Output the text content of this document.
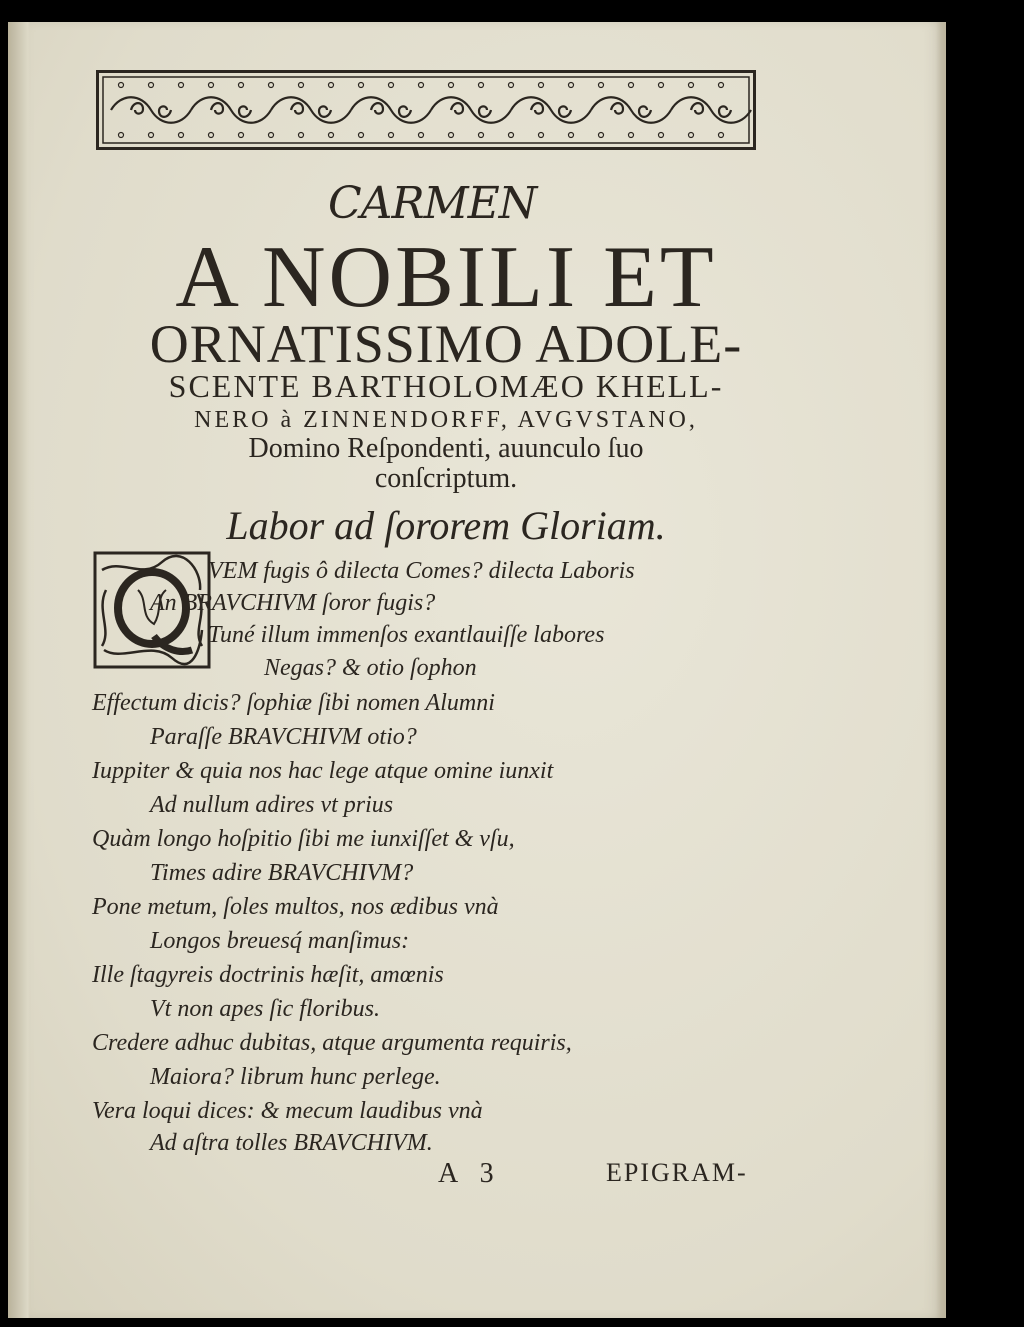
CARMEN
A NOBILI ET
ORNATISSIMO ADOLE-
SCENTE BARTHOLOMÆO KHELL-
NERO à ZINNENDORFF, AVGVSTANO,
Domino Reſpondenti, auunculo ſuo
conſcriptum.
Labor ad ſororem Gloriam.
VEM fugis ô dilecta Comes? dilecta Laboris
An BRAVCHIVM ſoror fugis?
Tuné illum immenſos exantlauiſſe labores
Negas? & otio ſophon
Effectum dicis? ſophiæ ſibi nomen Alumni
Paraſſe BRAVCHIVM otio?
Iuppiter & quia nos hac lege atque omine iunxit
Ad nullum adires vt prius
Quàm longo hoſpitio ſibi me iunxiſſet & vſu,
Times adire BRAVCHIVM?
Pone metum, ſoles multos, nos ædibus vnà
Longos breuesq́ manſimus:
Ille ſtagyreis doctrinis hæſit, amœnis
Vt non apes ſic floribus.
Credere adhuc dubitas, atque argumenta requiris,
Maiora? librum hunc perlege.
Vera loqui dices: & mecum laudibus vnà
Ad aſtra tolles BRAVCHIVM.
A 3	EPIGRAM-
